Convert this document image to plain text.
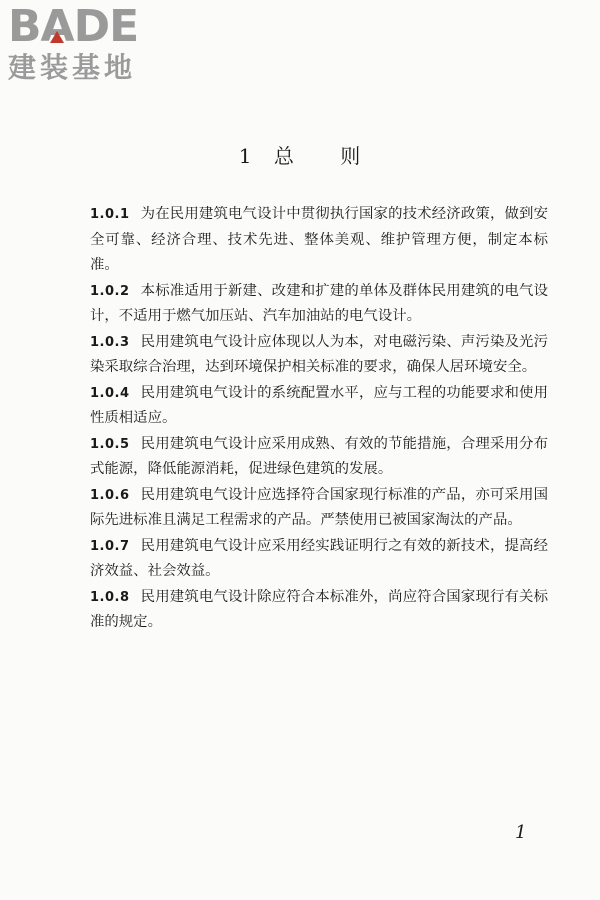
BA
DE
建装基地
1 总 则

1.0.1 为在民用建筑电气设计中贯彻执行国家的技术经济政策，做到安全可靠、经济合理、技术先进、整体美观、维护管理方便，制定本标准。

1.0.2 本标准适用于新建、改建和扩建的单体及群体民用建筑的电气设计，不适用于燃气加压站、汽车加油站的电气设计。

1.0.3 民用建筑电气设计应体现以人为本，对电磁污染、声污染及光污染采取综合治理，达到环境保护相关标准的要求，确保人居环境安全。

1.0.4 民用建筑电气设计的系统配置水平，应与工程的功能要求和使用性质相适应。

1.0.5 民用建筑电气设计应采用成熟、有效的节能措施，合理采用分布式能源，降低能源消耗，促进绿色建筑的发展。

1.0.6 民用建筑电气设计应选择符合国家现行标准的产品，亦可采用国际先进标准且满足工程需求的产品。严禁使用已被国家淘汰的产品。

1.0.7 民用建筑电气设计应采用经实践证明行之有效的新技术，提高经济效益、社会效益。

1.0.8 民用建筑电气设计除应符合本标准外，尚应符合国家现行有关标准的规定。

1
